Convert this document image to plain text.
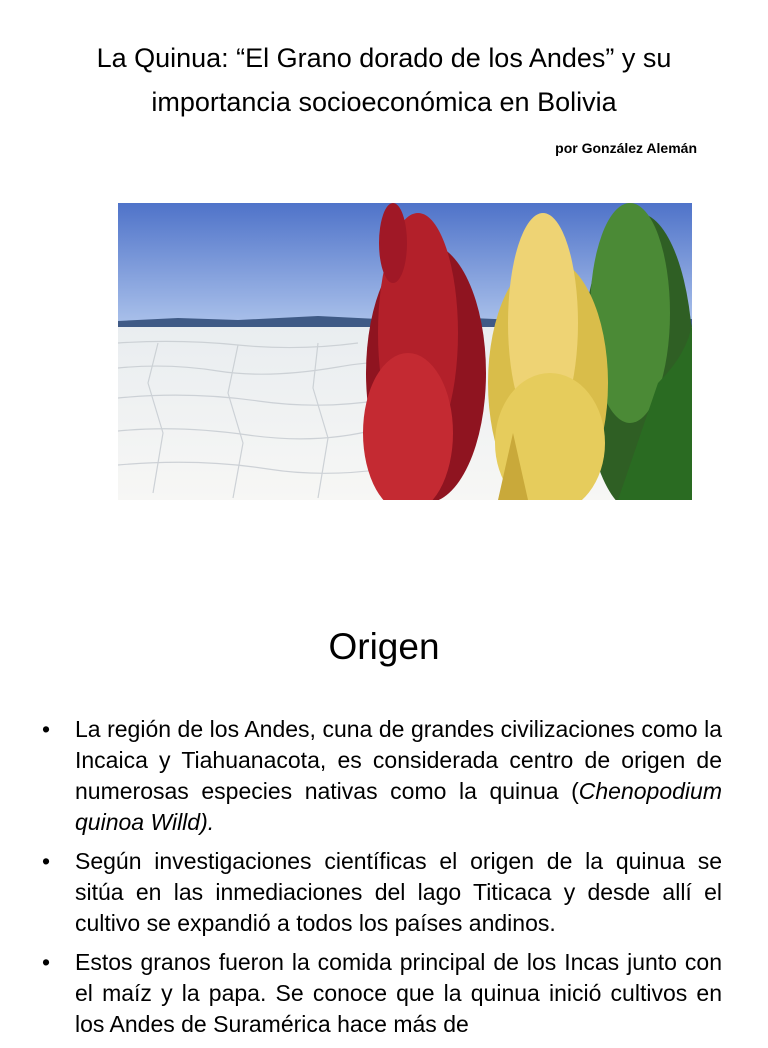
La Quinua: “El Grano dorado de los Andes” y su importancia socioeconómica en Bolivia
por González Alemán
Origen
• La región de los Andes, cuna de grandes civilizaciones como la Incaica y Tiahuanacota, es considerada centro de origen de numerosas especies nativas como la quinua (Chenopodium quinoa Willd).
• Según investigaciones científicas el origen de la quinua se sitúa en las inmediaciones del lago Titicaca y desde allí el cultivo se expandió a todos los países andinos.
• Estos granos fueron la comida principal de los Incas junto con el maíz y la papa. Se conoce que la quinua inició cultivos en los Andes de Suramérica hace más de
